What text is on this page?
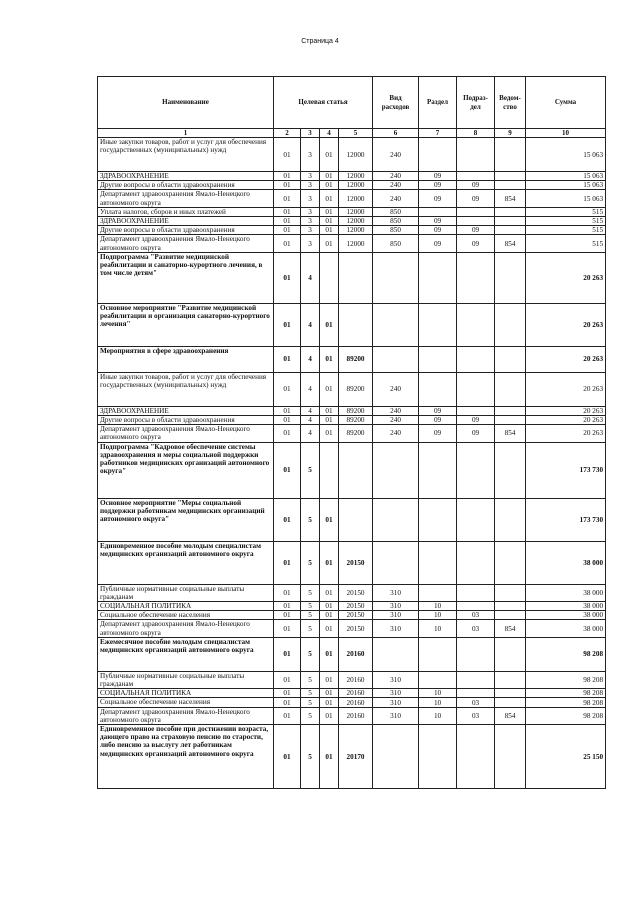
Страница 4
Наименование	Целевая статья				Вид расходов	Раздел	Подраз-дел	Ведом-ство	Сумма
1	2	3	4	5	6	7	8	9	10
Иные закупки товаров, работ и услуг для обеспечения государственных (муниципальных) нужд	01	3	01	12000	240				15 063
ЗДРАВООХРАНЕНИЕ	01	3	01	12000	240	09			15 063
Другие вопросы в области здравоохранения	01	3	01	12000	240	09	09		15 063
Департамент здравоохранения Ямало-Ненецкого автономного округа	01	3	01	12000	240	09	09	854	15 063
Уплата налогов, сборов и иных платежей	01	3	01	12000	850				515
ЗДРАВООХРАНЕНИЕ	01	3	01	12000	850	09			515
Другие вопросы в области здравоохранения	01	3	01	12000	850	09	09		515
Департамент здравоохранения Ямало-Ненецкого автономного округа	01	3	01	12000	850	09	09	854	515
Подпрограмма "Развитие медицинской реабилитации и санаторно-курортного лечения, в том числе детям"	01	4							20 263
Основное мероприятие "Развитие медицинской реабилитации и организация санаторно-курортного лечения"	01	4	01						20 263
Мероприятия в сфере здравоохранения	01	4	01	89200					20 263
Иные закупки товаров, работ и услуг для обеспечения государственных (муниципальных) нужд	01	4	01	89200	240				20 263
ЗДРАВООХРАНЕНИЕ	01	4	01	89200	240	09			20 263
Другие вопросы в области здравоохранения	01	4	01	89200	240	09	09		20 263
Департамент здравоохранения Ямало-Ненецкого автономного округа	01	4	01	89200	240	09	09	854	20 263
Подпрограмма "Кадровое обеспечение системы здравоохранения и меры социальной поддержки работников медицинских организаций автономного округа"	01	5							173 730
Основное мероприятие "Меры социальной поддержки работникам медицинских организаций автономного округа"	01	5	01						173 730
Единовременное пособие молодым специалистам медицинских организаций автономного округа	01	5	01	20150					38 000
Публичные нормативные социальные выплаты гражданам	01	5	01	20150	310				38 000
СОЦИАЛЬНАЯ ПОЛИТИКА	01	5	01	20150	310	10			38 000
Социальное обеспечение населения	01	5	01	20150	310	10	03		38 000
Департамент здравоохранения Ямало-Ненецкого автономного округа	01	5	01	20150	310	10	03	854	38 000
Ежемесячное пособие молодым специалистам медицинских организаций автономного округа	01	5	01	20160					98 208
Публичные нормативные социальные выплаты гражданам	01	5	01	20160	310				98 208
СОЦИАЛЬНАЯ ПОЛИТИКА	01	5	01	20160	310	10			98 208
Социальное обеспечение населения	01	5	01	20160	310	10	03		98 208
Департамент здравоохранения Ямало-Ненецкого автономного округа	01	5	01	20160	310	10	03	854	98 208
Единовременное пособие при достижении возраста, дающего право на страховую пенсию по старости, либо пенсию за выслугу лет работникам медицинских организаций автономного округа	01	5	01	20170					25 150
